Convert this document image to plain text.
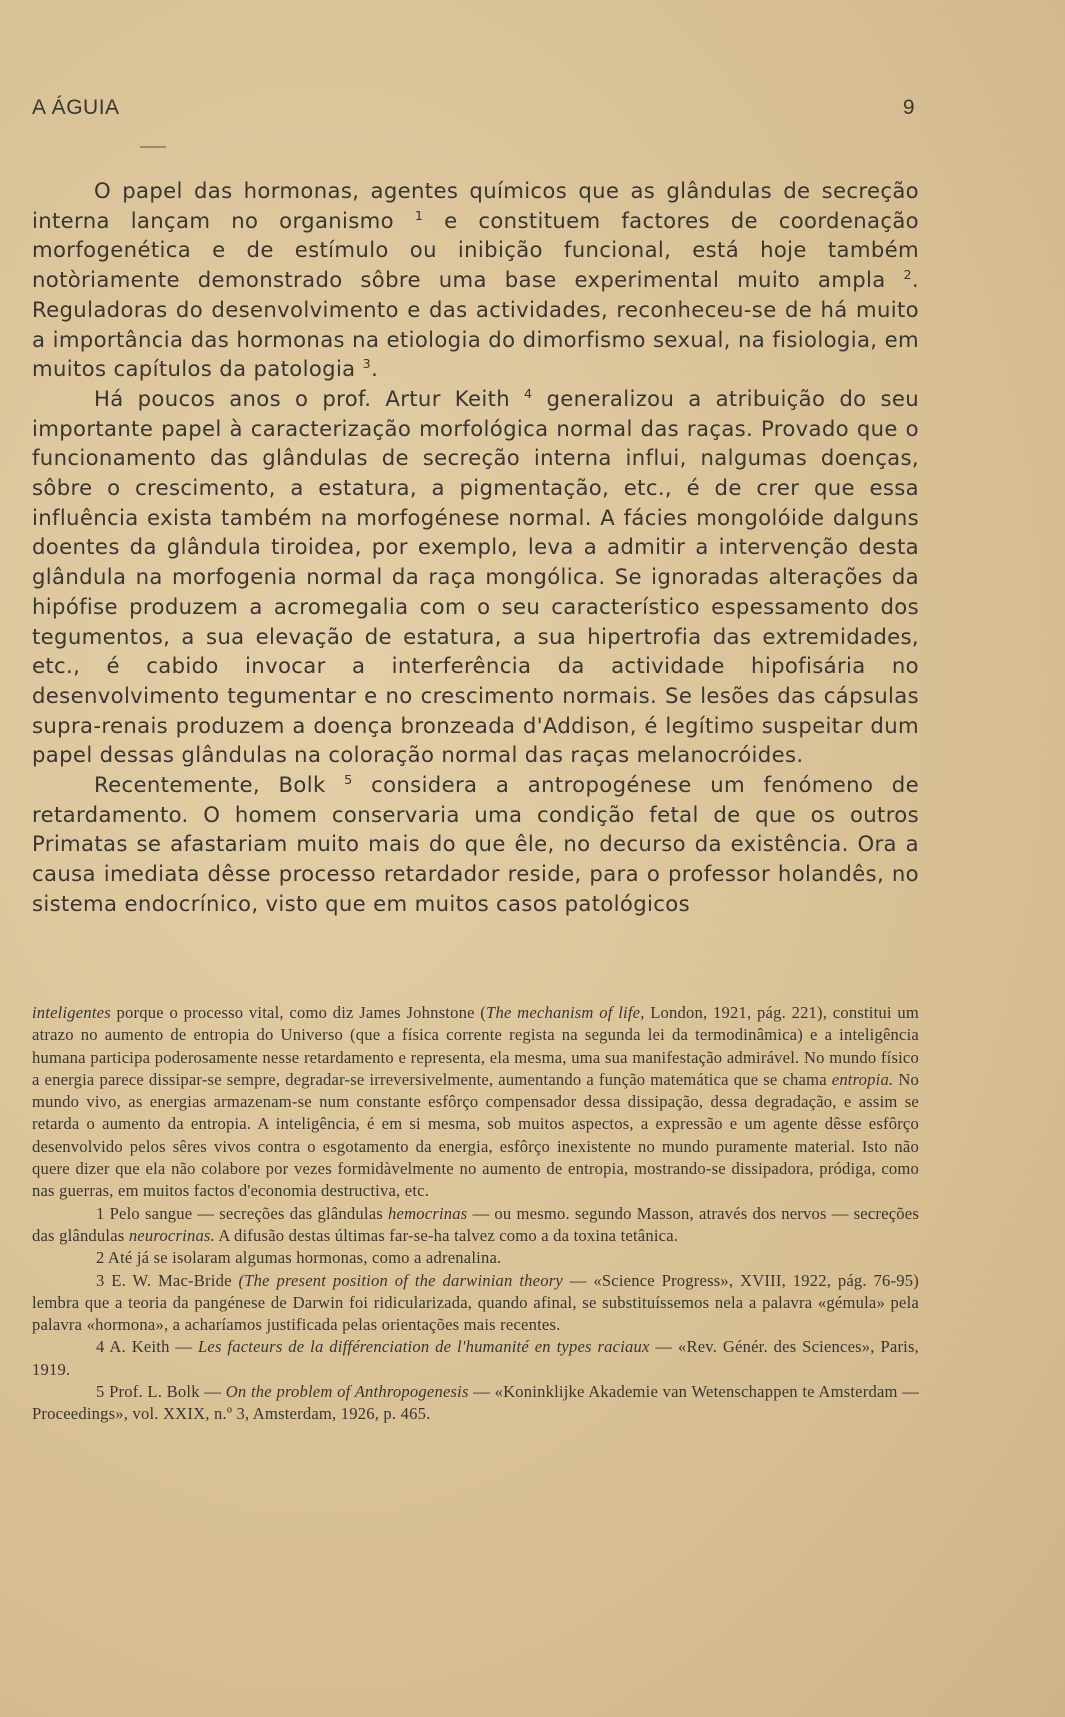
A ÁGUIA	9

O papel das hormonas, agentes químicos que as glândulas de secreção interna lançam no organismo $^1$ e constituem factores de coordenação morfogenética e de estímulo ou inibição funcional, está hoje também notòriamente demonstrado sôbre uma base experimental muito ampla $^2$. Reguladoras do desenvolvimento e das actividades, reconheceu-se de há muito a importância das hormonas na etiologia do dimorfismo sexual, na fisiologia, em muitos capítulos da patologia $^3$.

Há poucos anos o prof. Artur Keith $^4$ generalizou a atribuição do seu importante papel à caracterização morfológica normal das raças. Provado que o funcionamento das glândulas de secreção interna influi, nalgumas doenças, sôbre o crescimento, a estatura, a pigmentação, etc., é de crer que essa influência exista também na morfogénese normal. A fácies mongolóide dalguns doentes da glândula tiroidea, por exemplo, leva a admitir a intervenção desta glândula na morfogenia normal da raça mongólica. Se ignoradas alterações da hipófise produzem a acromegalia com o seu característico espessamento dos tegumentos, a sua elevação de estatura, a sua hipertrofia das extremidades, etc., é cabido invocar a interferência da actividade hipofisária no desenvolvimento tegumentar e no crescimento normais. Se lesões das cápsulas supra-renais produzem a doença bronzeada d'Addison, é legítimo suspeitar dum papel dessas glândulas na coloração normal das raças melanocróides.

Recentemente, Bolk $^5$ considera a antropogénese um fenómeno de retardamento. O homem conservaria uma condição fetal de que os outros Primatas se afastariam muito mais do que êle, no decurso da existência. Ora a causa imediata dêsse processo retardador reside, para o professor holandês, no sistema endocrínico, visto que em muitos casos patológicos

inteligentes porque o processo vital, como diz James Johnstone (The mechanism of life, London, 1921, pág. 221), constitui um atrazo no aumento de entropia do Universo (que a física corrente regista na segunda lei da termodinâmica) e a inteligência humana participa poderosamente nesse retardamento e representa, ela mesma, uma sua manifestação admirável. No mundo físico a energia parece dissipar-se sempre, degradar-se irreversivelmente, aumentando a função matemática que se chama entropia. No mundo vivo, as energias armazenam-se num constante esfôrço compensador dessa dissipação, dessa degradação, e assim se retarda o aumento da entropia. A inteligência, é em si mesma, sob muitos aspectos, a expressão e um agente dêsse esfôrço desenvolvido pelos sêres vivos contra o esgotamento da energia, esfôrço inexistente no mundo puramente material. Isto não quere dizer que ela não colabore por vezes formidàvelmente no aumento de entropia, mostrando-se dissipadora, pródiga, como nas guerras, em muitos factos d'economia destructiva, etc.

1 Pelo sangue — secreções das glândulas hemocrinas — ou mesmo. segundo Masson, através dos nervos — secreções das glândulas neurocrinas. A difusão destas últimas far-se-ha talvez como a da toxina tetânica.

2 Até já se isolaram algumas hormonas, como a adrenalina.

3 E. W. Mac-Bride (The present position of the darwinian theory — «Science Progress», XVIII, 1922, pág. 76-95) lembra que a teoria da pangénese de Darwin foi ridicularizada, quando afinal, se substituíssemos nela a palavra «gémula» pela palavra «hormona», a acharíamos justificada pelas orientações mais recentes.

4 A. Keith — Les facteurs de la différenciation de l'humanité en types raciaux — «Rev. Génér. des Sciences», Paris, 1919.

5 Prof. L. Bolk — On the problem of Anthropogenesis — «Koninklijke Akademie van Wetenschappen te Amsterdam — Proceedings», vol. XXIX, n.º 3, Amsterdam, 1926, p. 465.
